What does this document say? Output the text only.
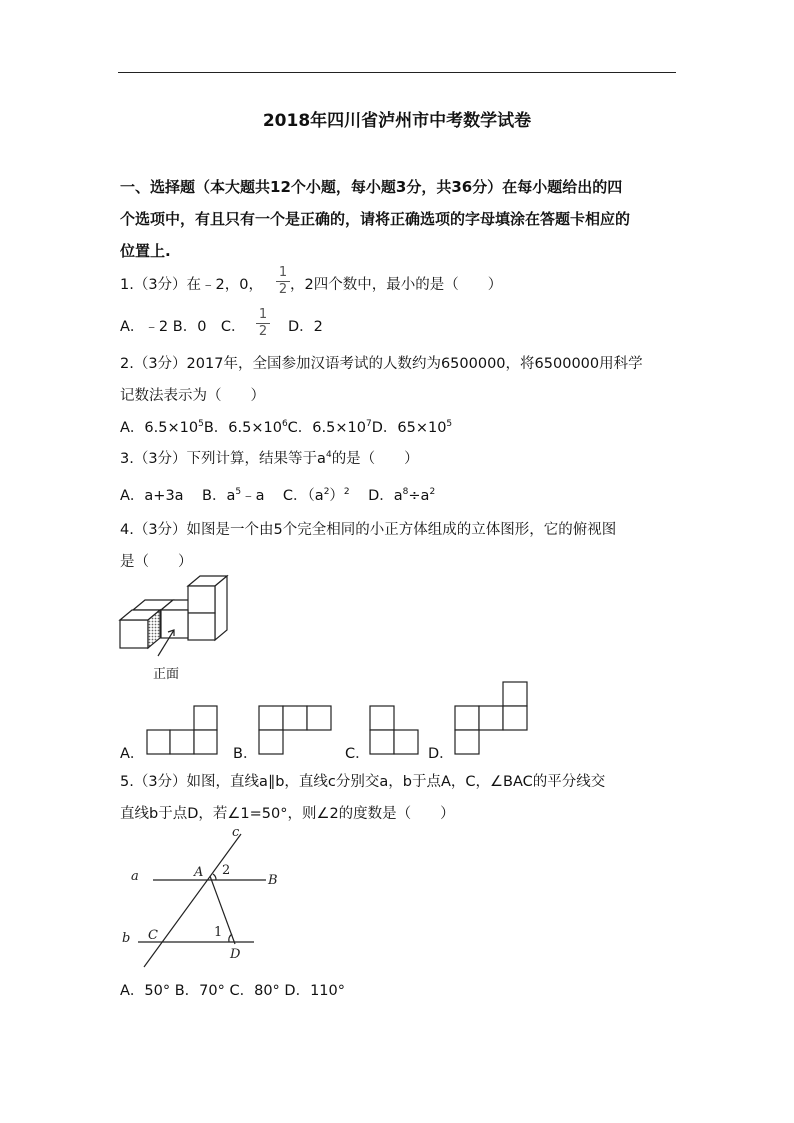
2018年四川省泸州市中考数学试卷
一、选择题（本大题共12个小题，每小题3分，共36分）在每小题给出的四
个选项中，有且只有一个是正确的，请将正确选项的字母填涂在答题卡相应的
位置上.
1.（3分）在﹣2，0，
1
2 ，2四个数中，最小的是（　　）
A．﹣2 B．0　C．
1
2 D．2
2.（3分）2017年，全国参加汉语考试的人数约为6500000，将6500000用科学
记数法表示为（　　）
A．$6.5\times 10^5B$．$6.5\times 10^6C$．$6.5\times 10^7D$．$65\times 10^5$
3.（3分）下列计算，结果等于$a^4$的是（　　）
A．a+3a B．$a^5﹣a$ C．$(a^2)^2$ D．$a^8\div a^2$
4.（3分）如图是一个由5个完全相同的小正方体组成的立体图形，它的俯视图
是（　　）
正面
A．	B．	C．	D．
5.（3分）如图，直线a∥b，直线c分别交a，b于点A，C，∠BAC的平分线交
直线b于点D，若∠1=50°，则∠2的度数是（　　）
c
a	A 2
B
b C	1
D
A．50° B．70° C．80° D．110°
